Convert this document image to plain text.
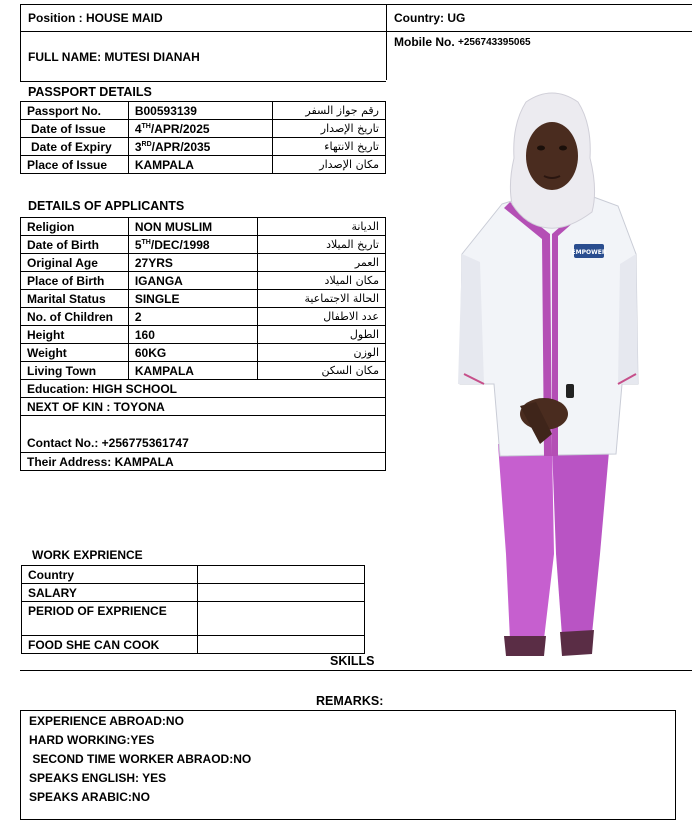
Position : HOUSE MAID	Country: UG
Mobile No.
+256743395065
FULL NAME: MUTESI DIANAH
PASSPORT DETAILS
Passport No.	B00593139	رقم جواز السفر
Date of Issue	4TH/APR/2025	تاريخ الإصدار
Date of Expiry	3RD/APR/2035	تاريخ الانتهاء
Place of Issue	KAMPALA	مكان الإصدار
DETAILS OF APPLICANTS
Religion	NON MUSLIM	الديانة
Date of Birth	5TH/DEC/1998	تاريخ الميلاد
Original Age	27YRS	العمر
Place of Birth	IGANGA	مكان الميلاد
Marital Status	SINGLE	الحالة الاجتماعية
No. of Children	2	عدد الاطفال
Height	160	الطول
Weight	60KG	الوزن
Living Town	KAMPALA	مكان السكن
Education: HIGH SCHOOL		
NEXT OF KIN : TOYONA		
Contact No.: +256775361747		
Their Address: KAMPALA		
WORK EXPRIENCE
Country	
SALARY	
PERIOD OF EXPRIENCE	
FOOD SHE CAN COOK	
SKILLS
REMARKS:
EXPERIENCE ABROAD:NO
HARD WORKING:YES
SECOND TIME WORKER ABRAOD:NO
SPEAKS ENGLISH: YES
SPEAKS ARABIC:NO
EMPOWER
